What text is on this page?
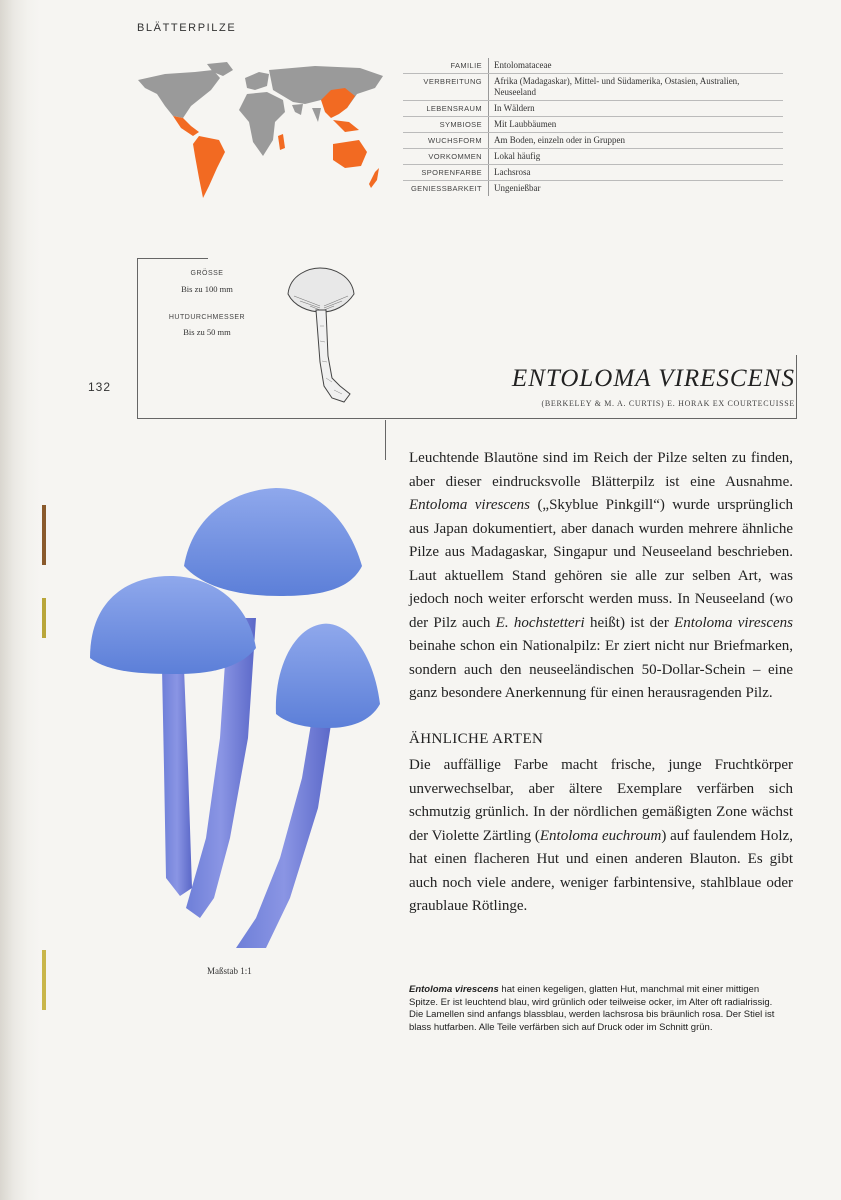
BLÄTTERPILZE
FAMILIE	Entolomataceae
VERBREITUNG	Afrika (Madagaskar), Mittel- und Südamerika, Ostasien, Australien, Neuseeland
LEBENSRAUM	In Wäldern
SYMBIOSE	Mit Laubbäumen
WUCHSFORM	Am Boden, einzeln oder in Gruppen
VORKOMMEN	Lokal häufig
SPORENFARBE	Lachsrosa
GENIESSBARKEIT	Ungenießbar
GRÖSSE
Bis zu 100 mm
HUTDURCHMESSER
Bis zu 50 mm
132	ENTOLOMA VIRESCENS
(BERKELEY & M. A. CURTIS) E. HORAK EX COURTECUISSE

Leuchtende Blautöne sind im Reich der Pilze selten zu finden, aber dieser eindrucksvolle Blätterpilz ist eine Ausnahme. Entoloma virescens („Skyblue Pinkgill“) wurde ursprünglich aus Japan dokumentiert, aber danach wurden mehrere ähnliche Pilze aus Madagaskar, Singapur und Neuseeland beschrieben. Laut aktuellem Stand gehören sie alle zur selben Art, was jedoch noch weiter erforscht werden muss. In Neuseeland (wo der Pilz auch E. hochstetteri heißt) ist der Entoloma virescens beinahe schon ein Nationalpilz: Er ziert nicht nur Briefmarken, sondern auch den neuseeländischen 50-Dollar-Schein – eine ganz besondere Anerkennung für einen herausragenden Pilz.

ÄHNLICHE ARTEN

Die auffällige Farbe macht frische, junge Fruchtkörper unverwechselbar, aber ältere Exemplare verfärben sich schmutzig grünlich. In der nördlichen gemäßigten Zone wächst der Violette Zärtling (Entoloma euchroum) auf faulendem Holz, hat einen flacheren Hut und einen anderen Blauton. Es gibt auch noch viele andere, weniger farbintensive, stahlblaue oder graublaue Rötlinge.

Maßstab 1:1
Entoloma virescens hat einen kegeligen, glatten Hut, manchmal mit einer mittigen Spitze. Er ist leuchtend blau, wird grünlich oder teilweise ocker, im Alter oft radialrissig. Die Lamellen sind anfangs blassblau, werden lachsrosa bis bräunlich rosa. Der Stiel ist blass hutfarben. Alle Teile verfärben sich auf Druck oder im Schnitt grün.
